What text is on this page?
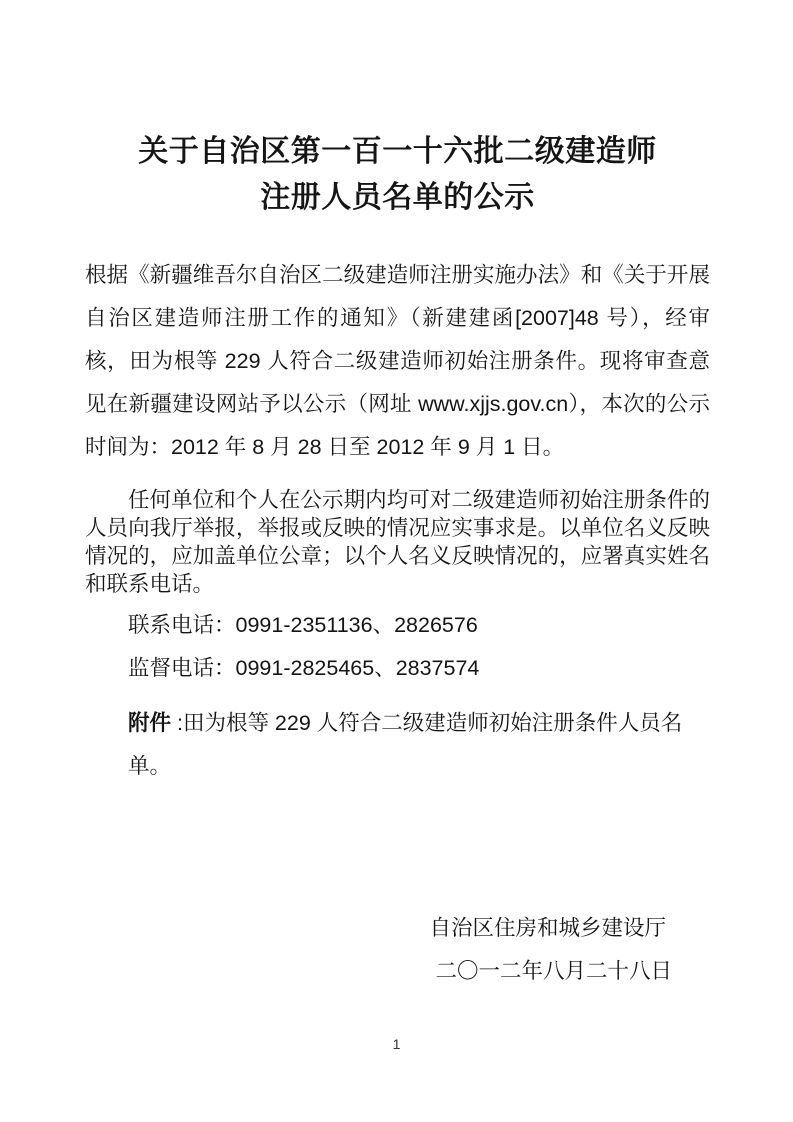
关于自治区第一百一十六批二级建造师
注册人员名单的公示

根据《新疆维吾尔自治区二级建造师注册实施办法》和《关于开展自治区建造师注册工作的通知》（新建建函[2007]48 号），经审核，田为根等 229 人符合二级建造师初始注册条件。现将审查意见在新疆建设网站予以公示（网址 www.xjjs.gov.cn），本次的公示时间为：2012 年 8 月 28 日至 2012 年 9 月 1 日。

任何单位和个人在公示期内均可对二级建造师初始注册条件的人员向我厅举报，举报或反映的情况应实事求是。以单位名义反映情况的，应加盖单位公章；以个人名义反映情况的，应署真实姓名和联系电话。

联系电话：0991-2351136、2826576

监督电话：0991-2825465、2837574

附件 :田为根等 229 人符合二级建造师初始注册条件人员名单。

自治区住房和城乡建设厅
二〇一二年八月二十八日
1
